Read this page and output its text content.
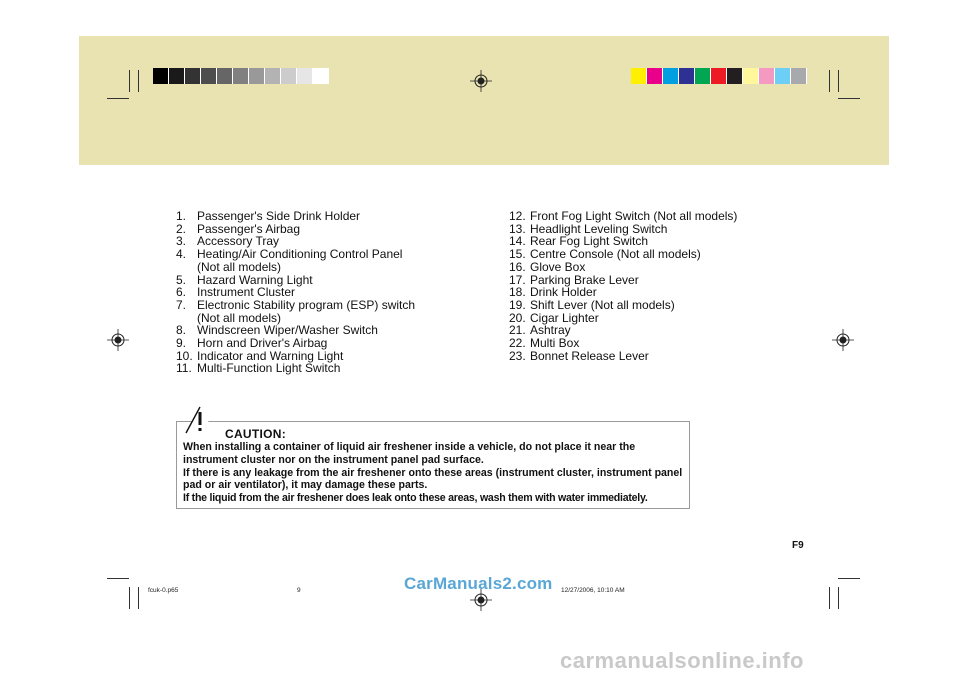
1. Passenger's Side Drink Holder
2. Passenger's Airbag
3. Accessory Tray
4. Heating/Air Conditioning Control Panel
(Not all models)
5. Hazard Warning Light
6. Instrument Cluster
7. Electronic Stability program (ESP) switch
(Not all models)
8. Windscreen Wiper/Washer Switch
9. Horn and Driver's Airbag
10. Indicator and Warning Light
11. Multi-Function Light Switch
12. Front Fog Light Switch (Not all models)
13. Headlight Leveling Switch
14. Rear Fog Light Switch
15. Centre Console (Not all models)
16. Glove Box
17. Parking Brake Lever
18. Drink Holder
19. Shift Lever (Not all models)
20. Cigar Lighter
21. Ashtray
22. Multi Box
23. Bonnet Release Lever
CAUTION:

When installing a container of liquid air freshener inside a vehicle, do not place it near the instrument cluster nor on the instrument panel pad surface.

If there is any leakage from the air freshener onto these areas (instrument cluster, instrument panel pad or air ventilator), it may damage these parts.

If the liquid from the air freshener does leak onto these areas, wash them with water immediately.

F9
fcuk-0.p65	9	12/27/2006, 10:10 AM
CarManuals2.com
carmanualsonline.info
